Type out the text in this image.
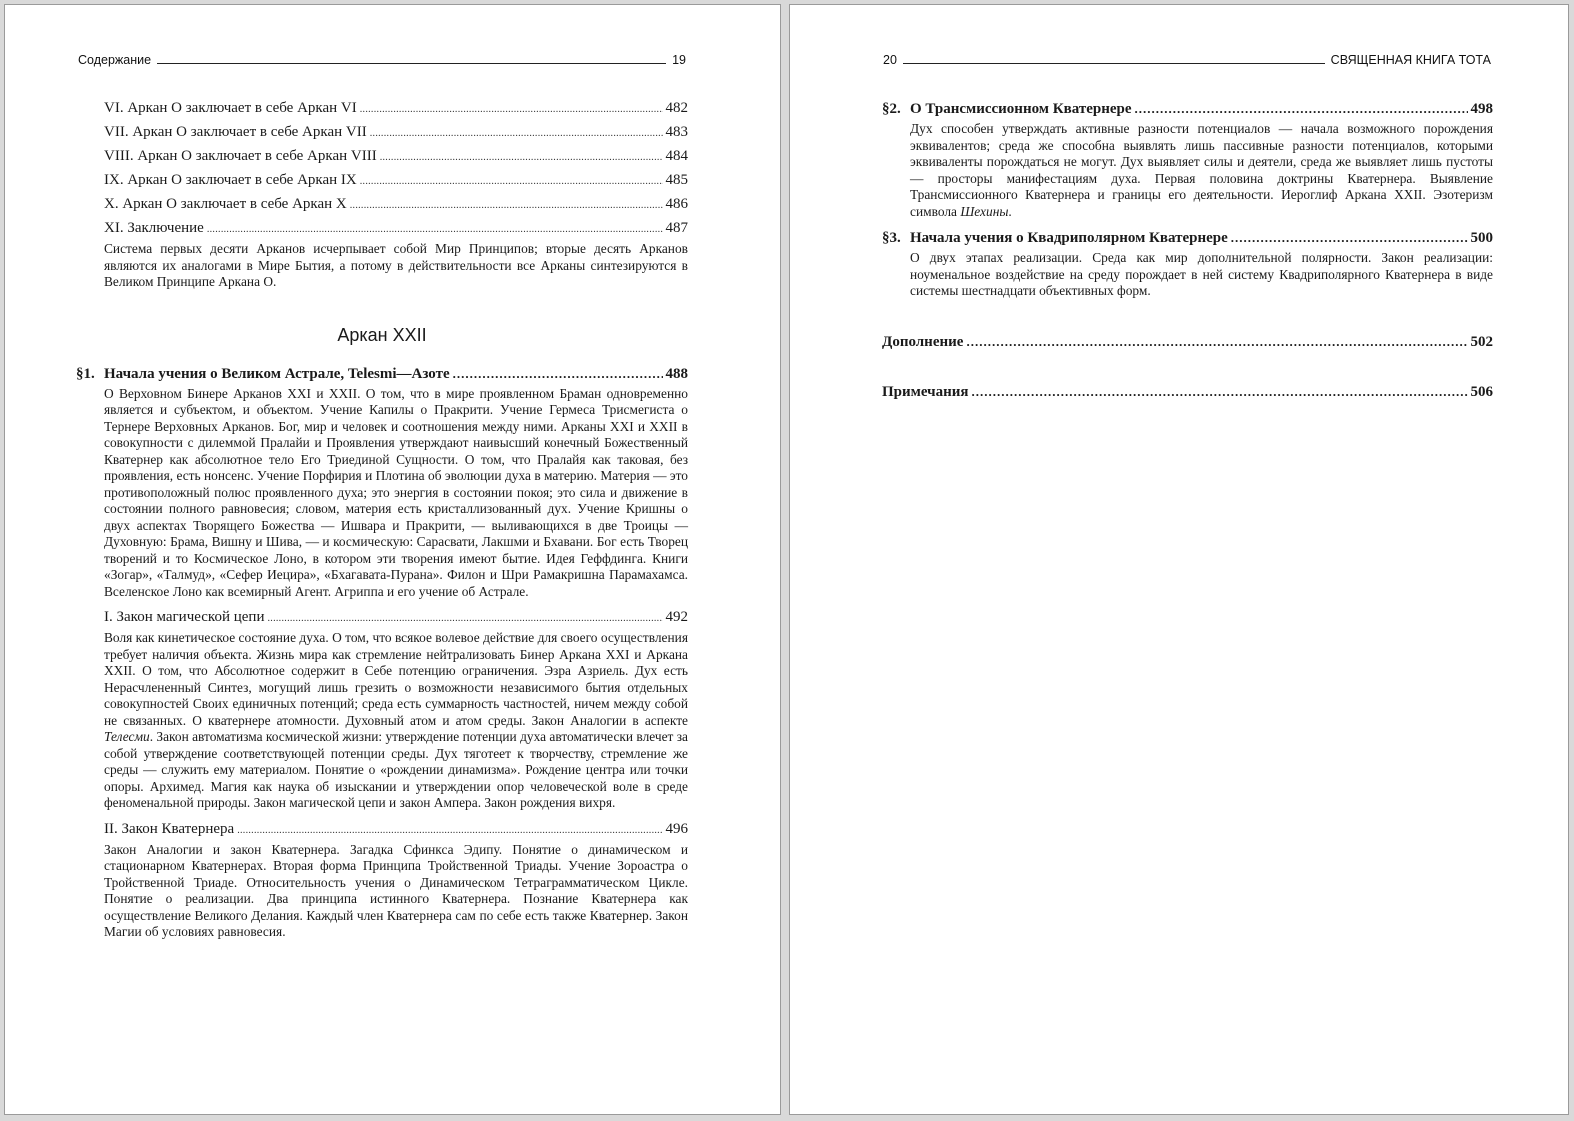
Содержание	19
VI. Аркан О заключает в себе Аркан VI .....	482
VII. Аркан О заключает в себе Аркан VII .....	483
VIII. Аркан О заключает в себе Аркан VIII .....	484
IX. Аркан О заключает в себе Аркан IX .....	485
X. Аркан О заключает в себе Аркан X .....	486
XI. Заключение .....	487

Система первых десяти Арканов исчерпывает собой Мир Принципов; вторые десять Арканов являются их аналогами в Мире Бытия, а потому в действительности все Арканы синтезируются в Великом Принципе Аркана О.

Аркан XXII
§1. Начала учения о Великом Астрале, Telesmi—Азоте .....	488

О Верховном Бинере Арканов XXI и XXII. О том, что в мире проявленном Браман одновременно является и субъектом, и объектом. Учение Капилы о Пракрити. Учение Гермеса Трисмегиста о Тернере Верховных Арканов. Бог, мир и человек и соотношения между ними. Арканы XXI и XXII в совокупности с дилеммой Пралайи и Проявления утверждают наивысший конечный Божественный Кватернер как абсолютное тело Его Триединой Сущности. О том, что Пралайя как таковая, без проявления, есть нонсенс. Учение Порфирия и Плотина об эволюции духа в материю. Материя — это противоположный полюс проявленного духа; это энергия в состоянии покоя; это сила и движение в состоянии полного равновесия; словом, материя есть кристаллизованный дух. Учение Кришны о двух аспектах Творящего Божества — Ишвара и Пракрити, — выливающихся в две Троицы — Духовную: Брама, Вишну и Шива, — и космическую: Сарасвати, Лакшми и Бхавани. Бог есть Творец творений и то Космическое Лоно, в котором эти творения имеют бытие. Идея Геффдинга. Книги «Зогар», «Талмуд», «Сефер Иецира», «Бхагавата-Пурана». Филон и Шри Рамакришна Парамахамса. Вселенское Лоно как всемирный Агент. Агриппа и его учение об Астрале.

I. Закон магической цепи .....	492

Воля как кинетическое состояние духа. О том, что всякое волевое действие для своего осуществления требует наличия объекта. Жизнь мира как стремление нейтрализовать Бинер Аркана XXI и Аркана XXII. О том, что Абсолютное содержит в Себе потенцию ограничения. Эзра Азриель. Дух есть Нерасчлененный Синтез, могущий лишь грезить о возможности независимого бытия отдельных совокупностей Своих единичных потенций; среда есть суммарность частностей, ничем между собой не связанных. О кватернере атомности. Духовный атом и атом среды. Закон Аналогии в аспекте Телесми. Закон автоматизма космической жизни: утверждение потенции духа автоматически влечет за собой утверждение соответствующей потенции среды. Дух тяготеет к творчеству, стремление же среды — служить ему материалом. Понятие о «рождении динамизма». Рождение центра или точки опоры. Архимед. Магия как наука об изыскании и утверждении опор человеческой воле в среде феноменальной природы. Закон магической цепи и закон Ампера. Закон рождения вихря.

II. Закон Кватернера .....	496

Закон Аналогии и закон Кватернера. Загадка Сфинкса Эдипу. Понятие о динамическом и стационарном Кватернерах. Вторая форма Принципа Тройственной Триады. Учение Зороастра о Тройственной Триаде. Относительность учения о Динамическом Тетраграмматическом Цикле. Понятие о реализации. Два принципа истинного Кватернера. Познание Кватернера как осуществление Великого Делания. Каждый член Кватернера сам по себе есть также Кватернер. Закон Магии об условиях равновесия.

20	СВЯЩЕННАЯ КНИГА ТОТА
§2. О Трансмиссионном Кватернере .....	498

Дух способен утверждать активные разности потенциалов — начала возможного порождения эквивалентов; среда же способна выявлять лишь пассивные разности потенциалов, которыми эквиваленты порождаться не могут. Дух выявляет силы и деятели, среда же выявляет лишь пустоты — просторы манифестациям духа. Первая половина доктрины Кватернера. Выявление Трансмиссионного Кватернера и границы его деятельности. Иероглиф Аркана XXII. Эзотеризм символа Шехины.

§3. Начала учения о Квадриполярном Кватернере .....	500

О двух этапах реализации. Среда как мир дополнительной полярности. Закон реализации: ноуменальное воздействие на среду порождает в ней систему Квадриполярного Кватернера в виде системы шестнадцати объективных форм.

Дополнение .....	502
Примечания .....	506
